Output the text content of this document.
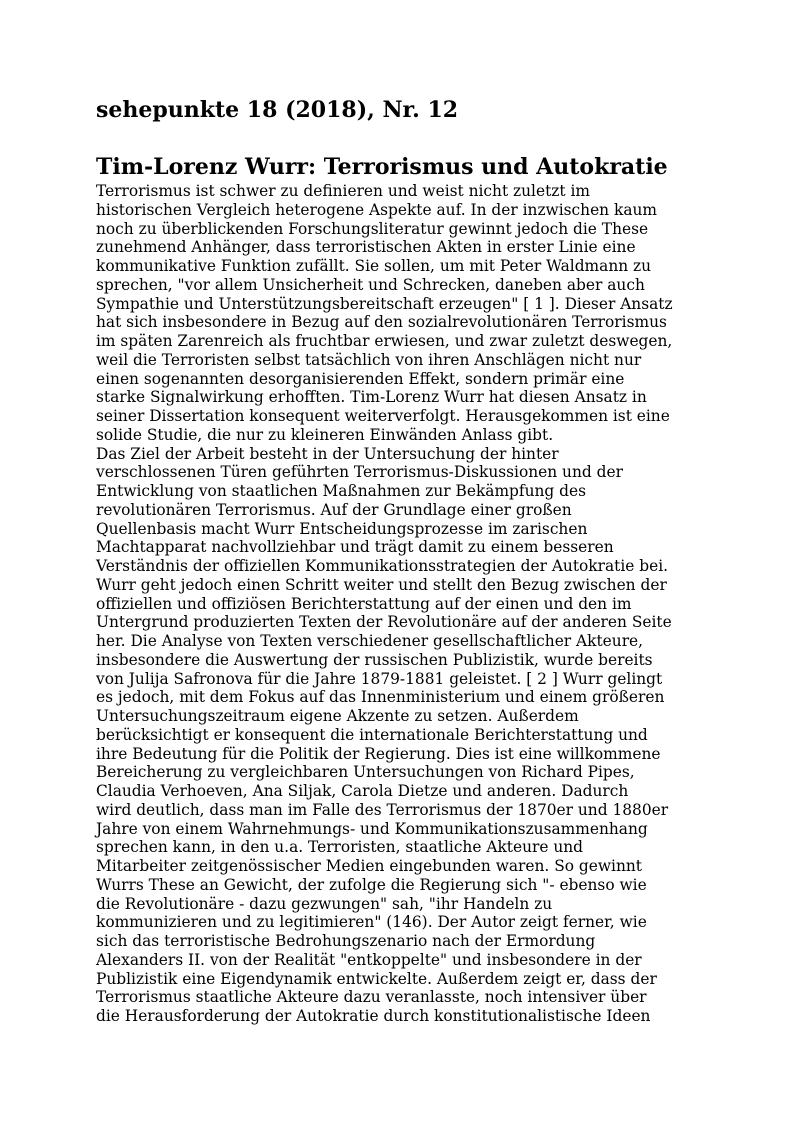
sehepunkte 18 (2018), Nr. 12
Tim-Lorenz Wurr: Terrorismus und Autokratie
Terrorismus ist schwer zu definieren und weist nicht zuletzt im
historischen Vergleich heterogene Aspekte auf. In der inzwischen kaum
noch zu überblickenden Forschungsliteratur gewinnt jedoch die These
zunehmend Anhänger, dass terroristischen Akten in erster Linie eine
kommunikative Funktion zufällt. Sie sollen, um mit Peter Waldmann zu
sprechen, "vor allem Unsicherheit und Schrecken, daneben aber auch
Sympathie und Unterstützungsbereitschaft erzeugen" [ 1 ]. Dieser Ansatz
hat sich insbesondere in Bezug auf den sozialrevolutionären Terrorismus
im späten Zarenreich als fruchtbar erwiesen, und zwar zuletzt deswegen,
weil die Terroristen selbst tatsächlich von ihren Anschlägen nicht nur
einen sogenannten desorganisierenden Effekt, sondern primär eine
starke Signalwirkung erhofften. Tim-Lorenz Wurr hat diesen Ansatz in
seiner Dissertation konsequent weiterverfolgt. Herausgekommen ist eine
solide Studie, die nur zu kleineren Einwänden Anlass gibt.
Das Ziel der Arbeit besteht in der Untersuchung der hinter
verschlossenen Türen geführten Terrorismus-Diskussionen und der
Entwicklung von staatlichen Maßnahmen zur Bekämpfung des
revolutionären Terrorismus. Auf der Grundlage einer großen
Quellenbasis macht Wurr Entscheidungsprozesse im zarischen
Machtapparat nachvollziehbar und trägt damit zu einem besseren
Verständnis der offiziellen Kommunikationsstrategien der Autokratie bei.
Wurr geht jedoch einen Schritt weiter und stellt den Bezug zwischen der
offiziellen und offiziösen Berichterstattung auf der einen und den im
Untergrund produzierten Texten der Revolutionäre auf der anderen Seite
her. Die Analyse von Texten verschiedener gesellschaftlicher Akteure,
insbesondere die Auswertung der russischen Publizistik, wurde bereits
von Julija Safronova für die Jahre 1879-1881 geleistet. [ 2 ] Wurr gelingt
es jedoch, mit dem Fokus auf das Innenministerium und einem größeren
Untersuchungszeitraum eigene Akzente zu setzen. Außerdem
berücksichtigt er konsequent die internationale Berichterstattung und
ihre Bedeutung für die Politik der Regierung. Dies ist eine willkommene
Bereicherung zu vergleichbaren Untersuchungen von Richard Pipes,
Claudia Verhoeven, Ana Siljak, Carola Dietze und anderen. Dadurch
wird deutlich, dass man im Falle des Terrorismus der 1870er und 1880er
Jahre von einem Wahrnehmungs- und Kommunikationszusammenhang
sprechen kann, in den u.a. Terroristen, staatliche Akteure und
Mitarbeiter zeitgenössischer Medien eingebunden waren. So gewinnt
Wurrs These an Gewicht, der zufolge die Regierung sich "- ebenso wie
die Revolutionäre - dazu gezwungen" sah, "ihr Handeln zu
kommunizieren und zu legitimieren" (146). Der Autor zeigt ferner, wie
sich das terroristische Bedrohungszenario nach der Ermordung
Alexanders II. von der Realität "entkoppelte" und insbesondere in der
Publizistik eine Eigendynamik entwickelte. Außerdem zeigt er, dass der
Terrorismus staatliche Akteure dazu veranlasste, noch intensiver über
die Herausforderung der Autokratie durch konstitutionalistische Ideen
